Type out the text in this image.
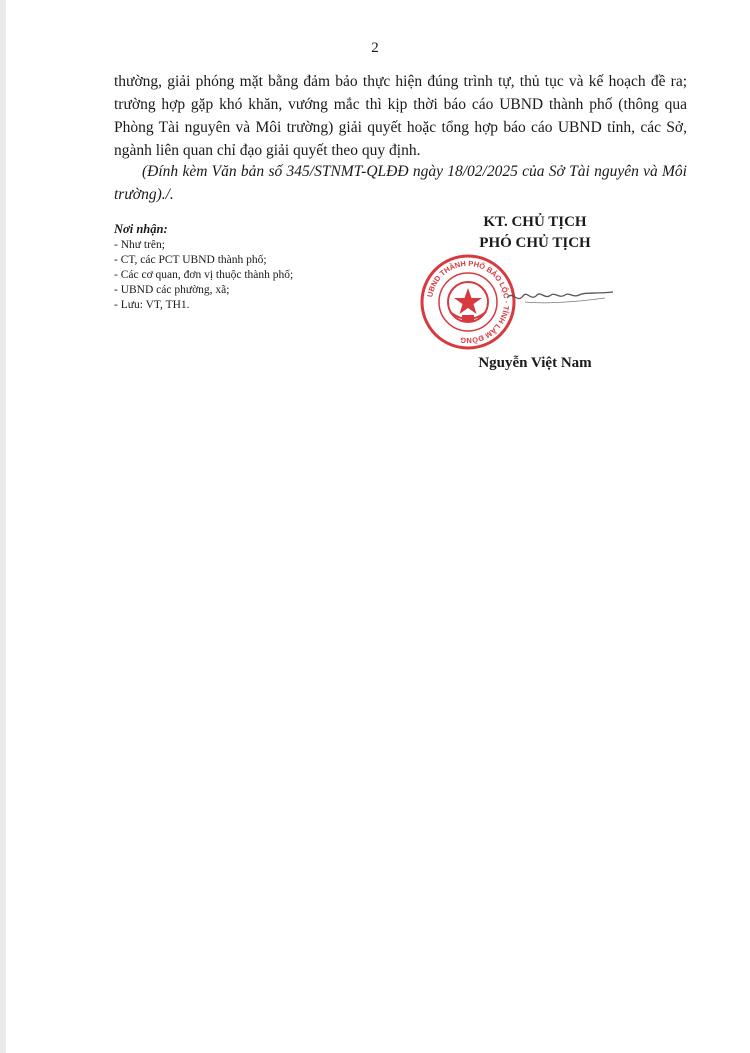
2

thường, giải phóng mặt bằng đảm bảo thực hiện đúng trình tự, thủ tục và kế hoạch đề ra; trường hợp gặp khó khăn, vướng mắc thì kịp thời báo cáo UBND thành phố (thông qua Phòng Tài nguyên và Môi trường) giải quyết hoặc tổng hợp báo cáo UBND tỉnh, các Sở, ngành liên quan chỉ đạo giải quyết theo quy định.

(Đính kèm Văn bản số 345/STNMT-QLĐĐ ngày 18/02/2025 của Sở Tài nguyên và Môi trường)./.

Nơi nhận:
- Như trên;
- CT, các PCT UBND thành phố;
- Các cơ quan, đơn vị thuộc thành phố;
- UBND các phường, xã;
- Lưu: VT, TH1.
KT. CHỦ TỊCH
PHÓ CHỦ TỊCH
UBND THÀNH PHỐ BẢO LỘC · TỈNH LÂM ĐỒNG
Nguyễn Việt Nam
